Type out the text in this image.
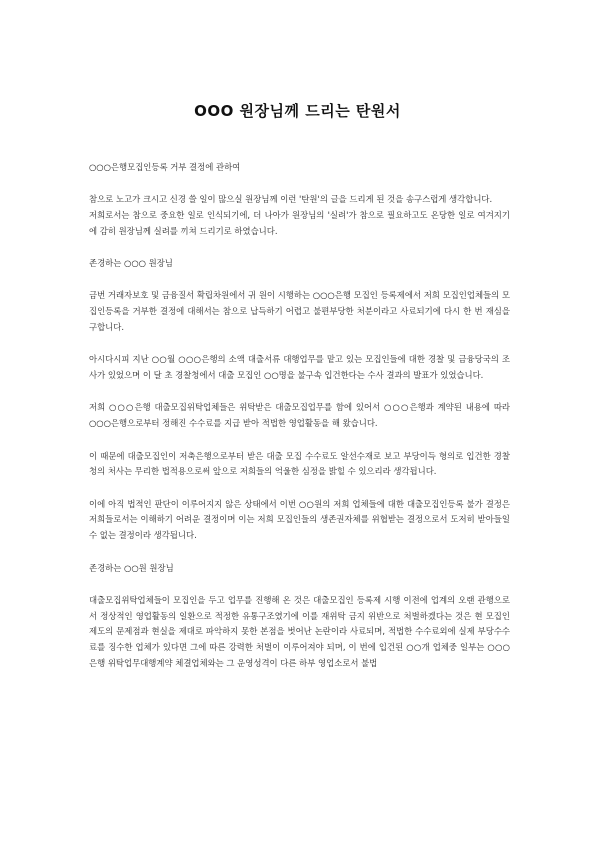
OOO 원장님께 드리는 탄원서

○○○은행모집인등록 거부 결정에 관하여

참으로 노고가 크시고 신경 쓸 일이 많으실 원장님께 이런 '탄원'의 글을 드리게 된 것을 송구스럽게 생각합니다.

저희로서는 참으로 중요한 일로 인식되기에, 더 나아가 원장님의 '실려'가 참으로 필요하고도 온당한 일로 여겨지기에 감히 원장님께 실려를 끼쳐 드리기로 하였습니다.

존경하는 ○○○ 원장님

금번 거래자보호 및 금융질서 확립차원에서 귀 원이 시행하는 ○○○은행 모집인 등록제에서 저희 모집인업체들의 모집인등록을 거부한 결정에 대해서는 참으로 납득하기 어렵고 불편부당한 처분이라고 사료되기에 다시 한 번 재심을 구합니다.

아시다시피 지난 ○○월 ○○○은행의 소액 대출서류 대행업무를 맡고 있는 모집인들에 대한 경찰 및 금융당국의 조사가 있었으며 이 달 초 경찰청에서 대출 모집인 ○○명을 불구속 입건한다는 수사 결과의 발표가 있었습니다.

저희 ○○○은행 대출모집위탁업체들은 위탁받은 대출모집업무를 함에 있어서 ○○○은행과 계약된 내용에 따라 ○○○은행으로부터 정해진 수수료를 지급 받아 적법한 영업활동을 해 왔습니다.

이 때문에 대출모집인이 저축은행으로부터 받은 대출 모집 수수료도 알선수재로 보고 부당이득 형의로 입건한 경찰청의 처사는 무리한 법적용으로써 앞으로 저희들의 억울한 심정을 밝힐 수 있으리라 생각됩니다.

이에 아직 법적인 판단이 이루어지지 않은 상태에서 이번 ○○원의 저희 업체들에 대한 대출모집인등록 불가 결정은 저희들로서는 이해하기 어려운 결정이며 이는 저희 모집인들의 생존권자체를 위협받는 결정으로서 도저히 받아들일 수 없는 결정이라 생각됩니다.

존경하는 ○○원 원장님

대출모집위탁업체들이 모집인을 두고 업무를 진행해 온 것은 대출모집인 등록제 시행 이전에 업계의 오랜 관행으로서 정상적인 영업활동의 일환으로 적정한 유통구조였기에 이를 재위탁 금지 위반으로 처벌하겠다는 것은 현 모집인 제도의 문제점과 현실을 제대로 파악하지 못한 본점을 벗어난 논란이라 사료되며, 적법한 수수료외에 실제 부당수수료를 징수한 업체가 있다면 그에 따른 강력한 처벌이 이루어져야 되며, 이 번에 입건된 ○○개 업체중 일부는 ○○○은행 위탁업무대행계약 체결업체와는 그 운영성격이 다른 하부 영업소로서 불법
